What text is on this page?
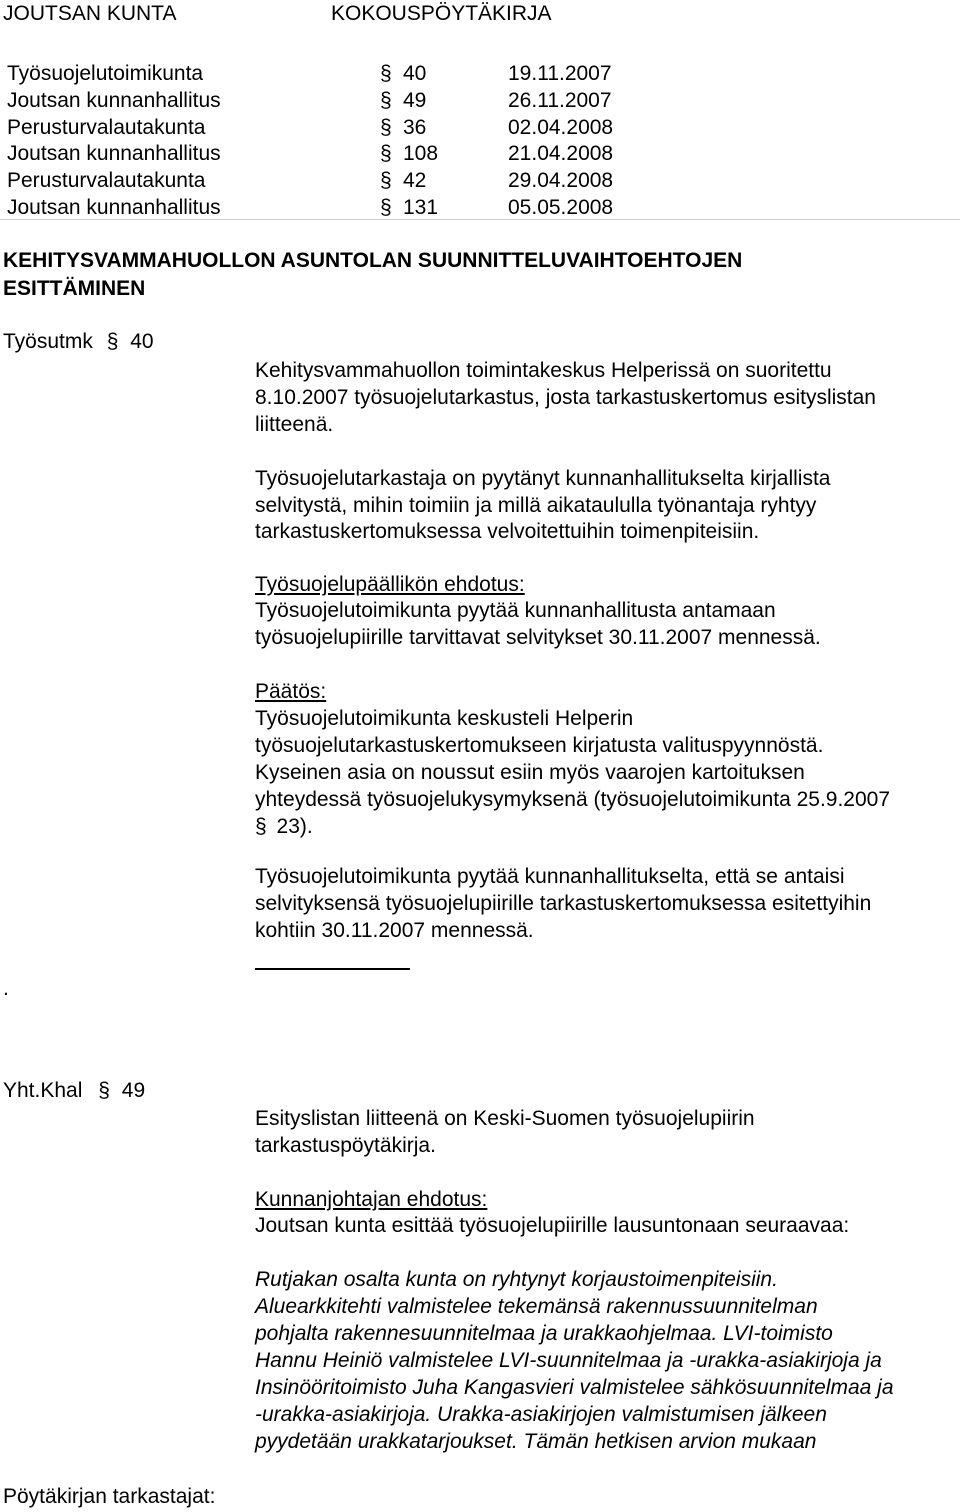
JOUTSAN KUNTA	KOKOUSPÖYTÄKIRJA
Työsuojelutoimikunta	§ 40	19.11.2007
Joutsan kunnanhallitus	§ 49	26.11.2007
Perusturvalautakunta	§ 36	02.04.2008
Joutsan kunnanhallitus	§ 108	21.04.2008
Perusturvalautakunta	§ 42	29.04.2008
Joutsan kunnanhallitus	§ 131	05.05.2008
KEHITYSVAMMAHUOLLON ASUNTOLAN SUUNNITTELUVAIHTOEHTOJEN
ESITTÄMINEN
Työsutmk § 40
Kehitysvammahuollon toimintakeskus Helperissä on suoritettu
8.10.2007 työsuojelutarkastus, josta tarkastuskertomus esityslistan
liitteenä.
Työsuojelutarkastaja on pyytänyt kunnanhallitukselta kirjallista
selvitystä, mihin toimiin ja millä aikataululla työnantaja ryhtyy
tarkastuskertomuksessa velvoitettuihin toimenpiteisiin.
Työsuojelupäällikön ehdotus:
Työsuojelutoimikunta pyytää kunnanhallitusta antamaan
työsuojelupiirille tarvittavat selvitykset 30.11.2007 mennessä.
Päätös:
Työsuojelutoimikunta keskusteli Helperin
työsuojelutarkastuskertomukseen kirjatusta valituspyynnöstä.
Kyseinen asia on noussut esiin myös vaarojen kartoituksen
yhteydessä työsuojelukysymyksenä (työsuojelutoimikunta 25.9.2007
§ 23).
Työsuojelutoimikunta pyytää kunnanhallitukselta, että se antaisi
selvityksensä työsuojelupiirille tarkastuskertomuksessa esitettyihin
kohtiin 30.11.2007 mennessä.
.
Yht.Khal § 49
Esityslistan liitteenä on Keski-Suomen työsuojelupiirin
tarkastuspöytäkirja.
Kunnanjohtajan ehdotus:
Joutsan kunta esittää työsuojelupiirille lausuntonaan seuraavaa:
Rutjakan osalta kunta on ryhtynyt korjaustoimenpiteisiin.
Aluearkkitehti valmistelee tekemänsä rakennussuunnitelman
pohjalta rakennesuunnitelmaa ja urakkaohjelmaa. LVI-toimisto
Hannu Heiniö valmistelee LVI-suunnitelmaa ja -urakka-asiakirjoja ja
Insinööritoimisto Juha Kangasvieri valmistelee sähkösuunnitelmaa ja
-urakka-asiakirjoja. Urakka-asiakirjojen valmistumisen jälkeen
pyydetään urakkatarjoukset. Tämän hetkisen arvion mukaan
Pöytäkirjan tarkastajat:
